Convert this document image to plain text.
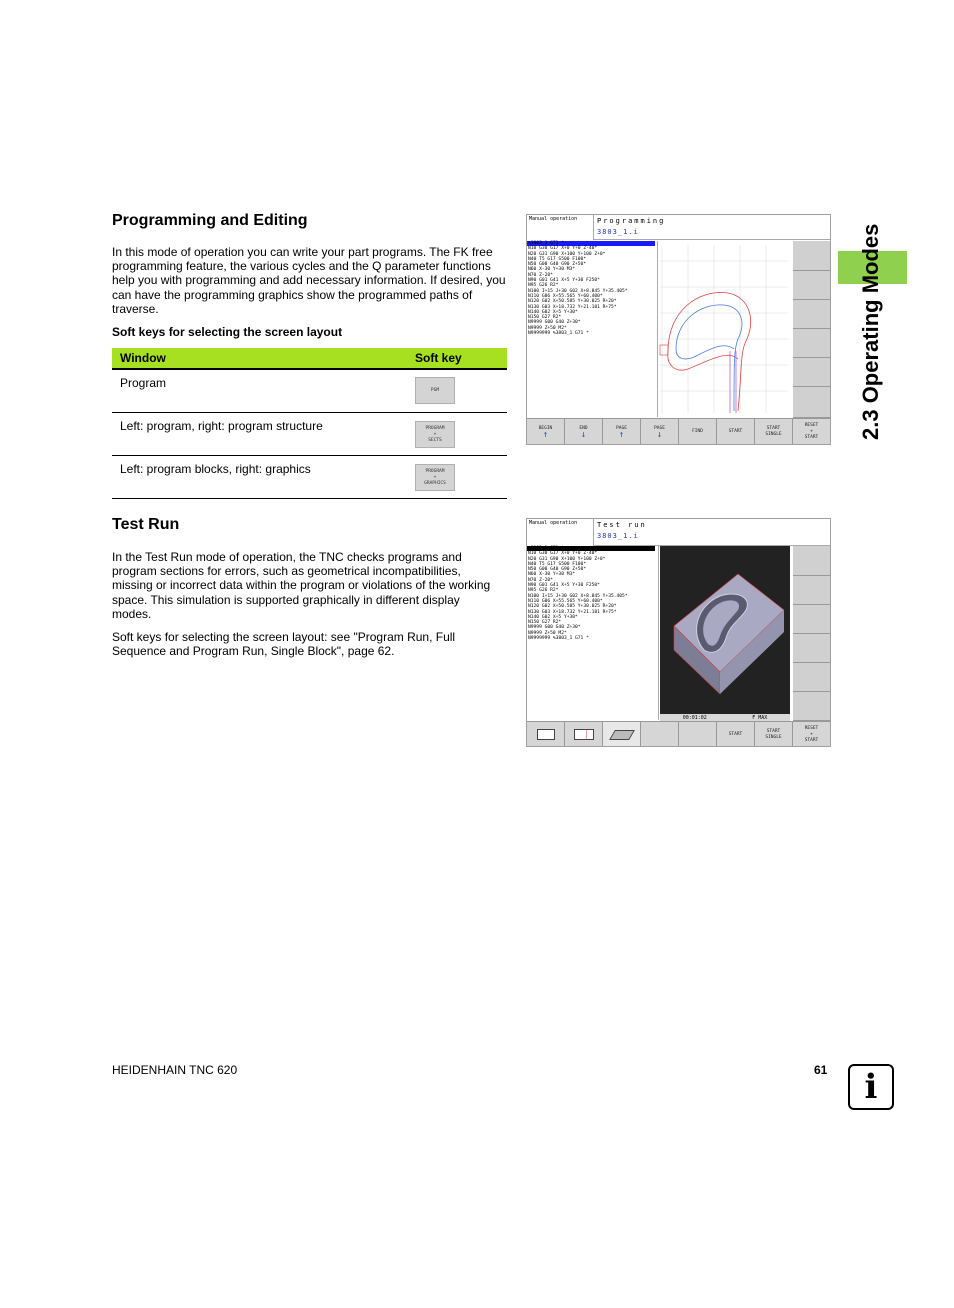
2.3 Operating Modes
Programming and Editing

In this mode of operation you can write your part programs. The FK free programming feature, the various cycles and the Q parameter functions help you with programming and add necessary information. If desired, you can have the programming graphics show the programmed paths of traverse.

Soft keys for selecting the screen layout
Window	Soft key
Program	PGM
Left: program, right: program structure	PROGRAM
+
SECTS
Left: program blocks, right: graphics	PROGRAM
+
GRAPHICS
Manual operation	Programming
3803_1.i
%3803_1 G71 *
N10 G30 G17 X+0 Y+0 Z-40*
N20 G31 G90 X+100 Y+100 Z+0*
N40 T5 G17 S500 F100*
N50 G00 G40 G90 Z+50*
N60 X-30 Y+30 M3*
N70 Z-20*
N90 G01 G41 X+5 Y+30 F250*
N95 G26 R2*
N100 I+15 J+30 G02 X+8.845 Y+35.405*
N110 G06 X+55.565 Y+60.400*
N120 G02 X+50.585 Y+30.025 R+20*
N130 G03 X+18.732 Y+21.181 R+75*
N140 G02 X+5 Y+30*
N150 G27 R2*
N9999 G00 G40 Z+30*
N9999 Z+50 M2*
N9999999 %3803_1 G71 *
BEGIN
↑
END
↓
PAGE
↑
PAGE
↓	FIND	START
START
SINGLE
RESET
+
START
Test Run

In the Test Run mode of operation, the TNC checks programs and program sections for errors, such as geometrical incompatibilities, missing or incorrect data within the program or violations of the working space. This simulation is supported graphically in different display modes.

Soft keys for selecting the screen layout: see "Program Run, Full Sequence and Program Run, Single Block", page 62.

Manual operation	Test run
3803_1.i
%3803_1 G71 *
N10 G30 G17 X+0 Y+0 Z-40*
N20 G31 G90 X+100 Y+100 Z+0*
N40 T5 G17 S500 F100*
N50 G00 G40 G90 Z+50*
N60 X-30 Y+30 M3*
N70 Z-20*
N90 G01 G41 X+5 Y+30 F250*
N95 G26 R2*
N100 I+15 J+30 G02 X+8.845 Y+35.405*
N110 G06 X+55.565 Y+60.400*
N120 G02 X+50.585 Y+30.025 R+20*
N130 G03 X+18.732 Y+21.181 R+75*
N140 G02 X+5 Y+30*
N150 G27 R2*
N9999 G00 G40 Z+30*
N9999 Z+50 M2*
N9999999 %3803_1 G71 *
00:01:02	F MAX
START
START
SINGLE
RESET
+
START
HEIDENHAIN TNC 620	61	i
